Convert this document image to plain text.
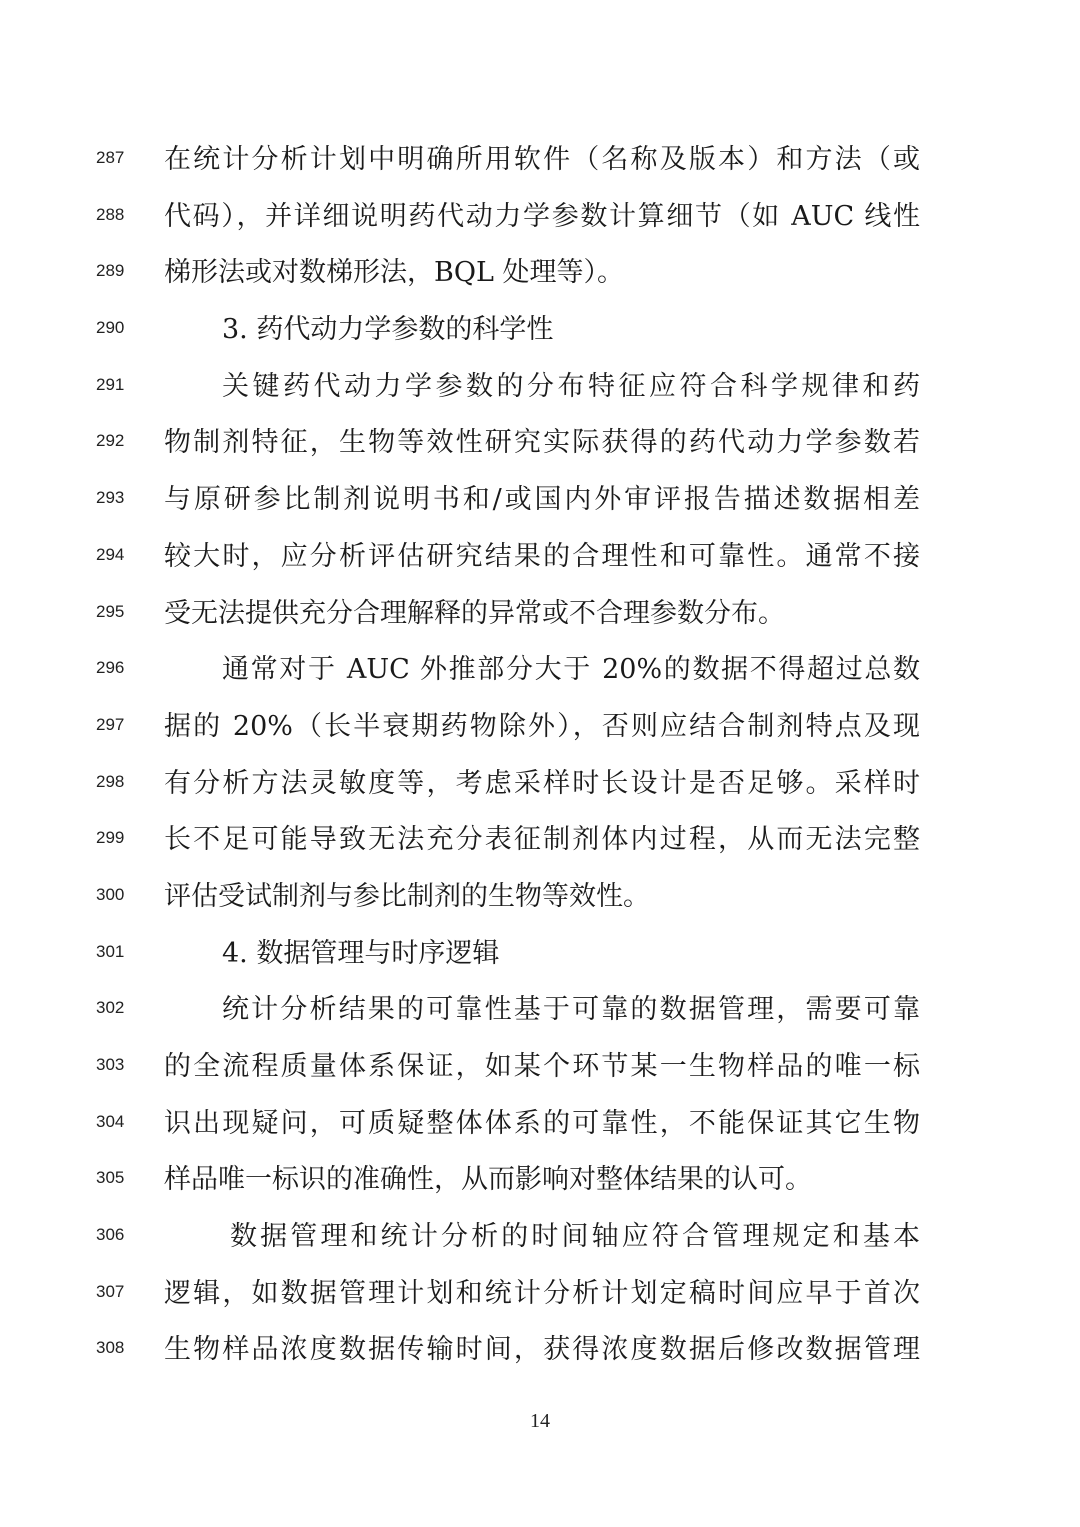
287	在统计分析计划中明确所用软件（名称及版本）和方法（或
288	代码），并详细说明药代动力学参数计算细节（如 AUC 线性
289	梯形法或对数梯形法，BQL 处理等）。
290	3. 药代动力学参数的科学性
291	关键药代动力学参数的分布特征应符合科学规律和药
292	物制剂特征，生物等效性研究实际获得的药代动力学参数若
293	与原研参比制剂说明书和/或国内外审评报告描述数据相差
294	较大时，应分析评估研究结果的合理性和可靠性。通常不接
295	受无法提供充分合理解释的异常或不合理参数分布。
296	通常对于 AUC 外推部分大于 20%的数据不得超过总数
297	据的 20%（长半衰期药物除外），否则应结合制剂特点及现
298	有分析方法灵敏度等，考虑采样时长设计是否足够。采样时
299	长不足可能导致无法充分表征制剂体内过程，从而无法完整
300	评估受试制剂与参比制剂的生物等效性。
301	4. 数据管理与时序逻辑
302	统计分析结果的可靠性基于可靠的数据管理，需要可靠
303	的全流程质量体系保证，如某个环节某一生物样品的唯一标
304	识出现疑问，可质疑整体体系的可靠性，不能保证其它生物
305	样品唯一标识的准确性，从而影响对整体结果的认可。
306	数据管理和统计分析的时间轴应符合管理规定和基本
307	逻辑，如数据管理计划和统计分析计划定稿时间应早于首次
308	生物样品浓度数据传输时间，获得浓度数据后修改数据管理
14
